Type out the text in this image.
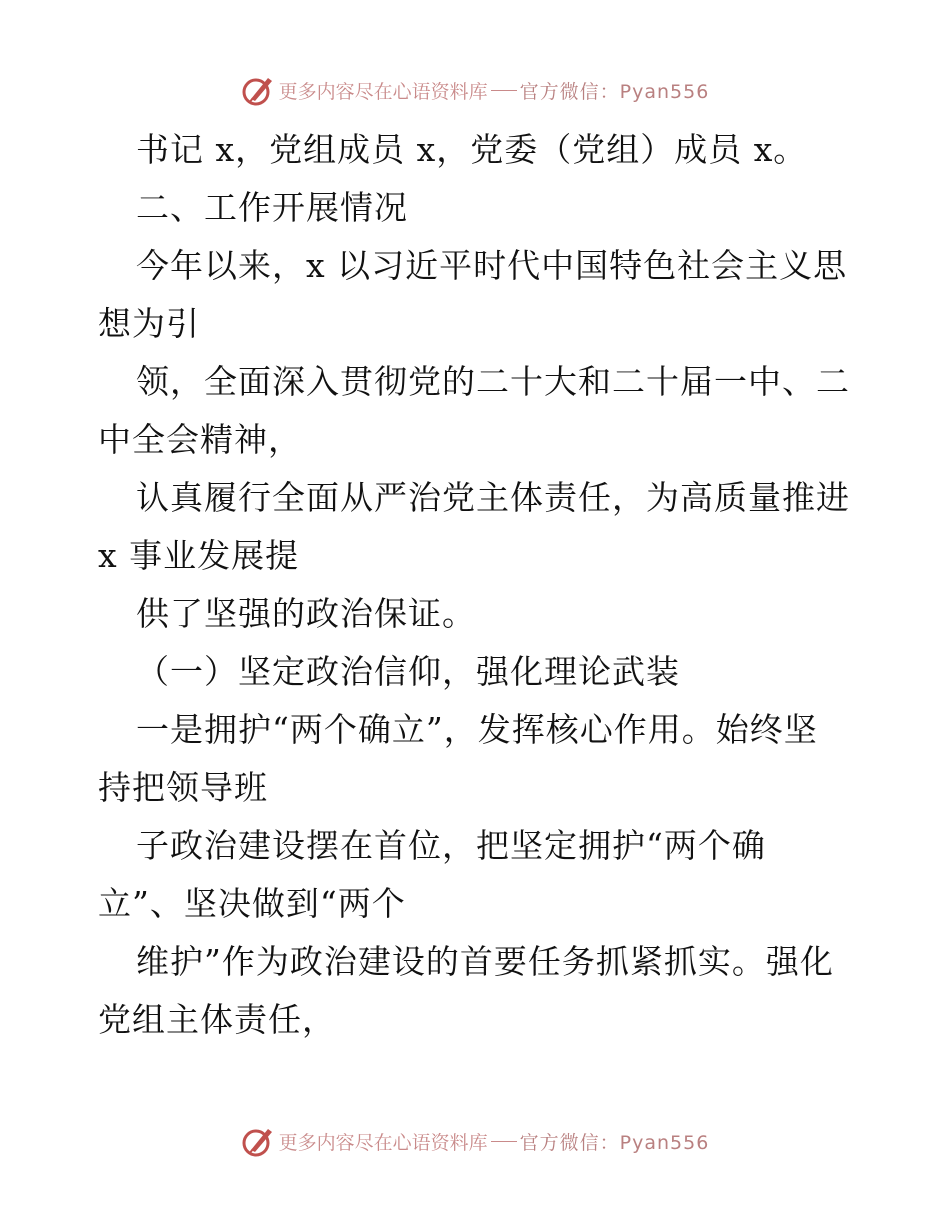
更多内容尽在心语资料库 官方微信：Pyan556
书记 x，党组成员 x，党委（党组）成员 x。
二、工作开展情况
今年以来，x 以习近平时代中国特色社会主义思
想为引
领，全面深入贯彻党的二十大和二十届一中、二
中全会精神，
认真履行全面从严治党主体责任，为高质量推进
x 事业发展提
供了坚强的政治保证。
（一）坚定政治信仰，强化理论武装
一是拥护“两个确立”，发挥核心作用。始终坚
持把领导班
子政治建设摆在首位，把坚定拥护“两个确
立”、坚决做到“两个
维护”作为政治建设的首要任务抓紧抓实。强化
党组主体责任，
更多内容尽在心语资料库 官方微信：Pyan556
